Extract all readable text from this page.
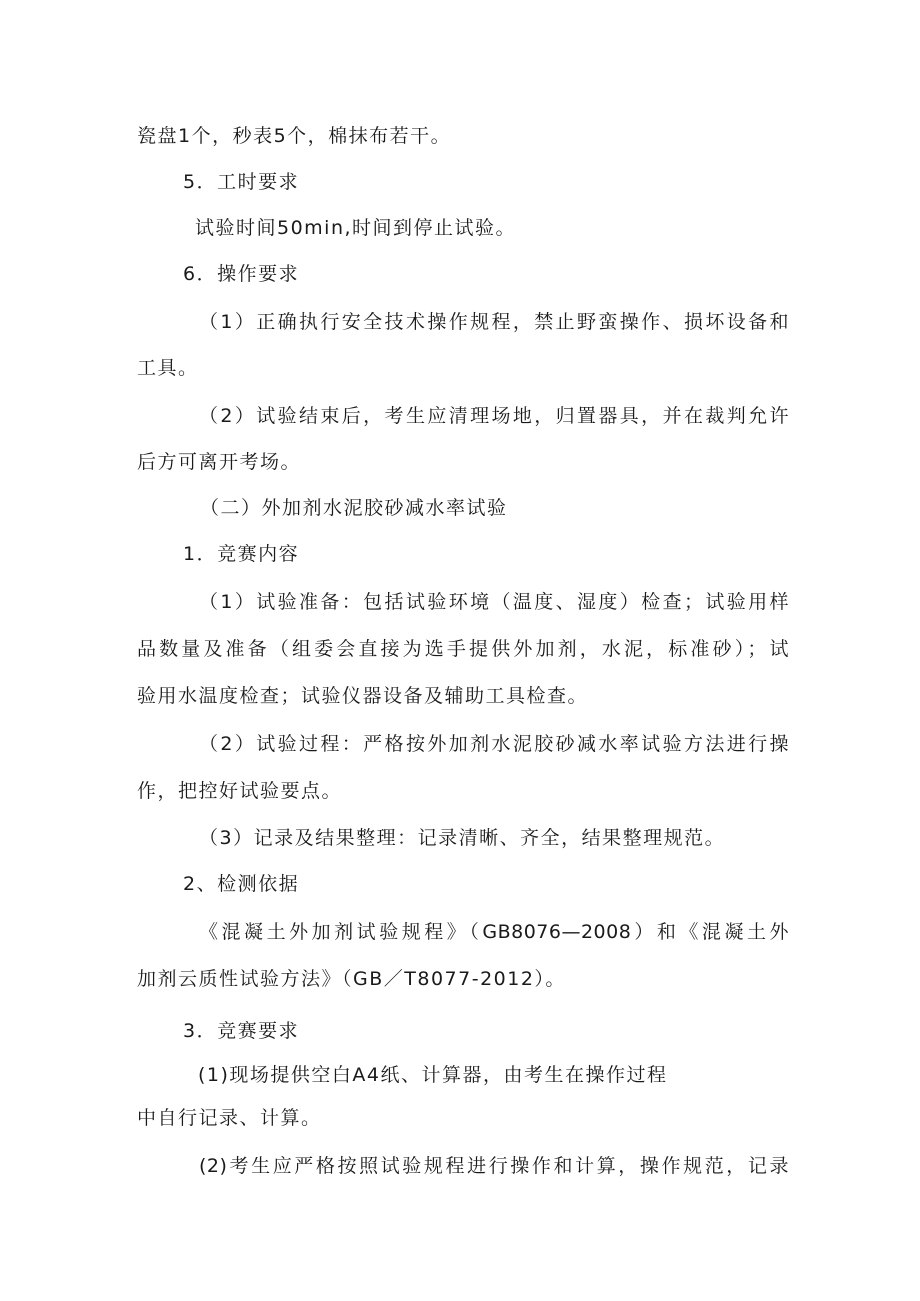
瓷盘1个，秒表5个，棉抹布若干。
5．工时要求
试验时间50min,时间到停止试验。
6．操作要求
（1）正确执行安全技术操作规程，禁止野蛮操作、损坏设备和
工具。
（2）试验结束后，考生应清理场地，归置器具，并在裁判允许
后方可离开考场。
（二）外加剂水泥胶砂减水率试验
1．竞赛内容
（1）试验准备：包括试验环境（温度、湿度）检查；试验用样
品数量及准备（组委会直接为选手提供外加剂，水泥，标准砂）；试
验用水温度检查；试验仪器设备及辅助工具检查。
（2）试验过程：严格按外加剂水泥胶砂减水率试验方法进行操
作，把控好试验要点。
（3）记录及结果整理：记录清晰、齐全，结果整理规范。
2、检测依据
《混凝土外加剂试验规程》（GB8076—2008）和《混凝土外
加剂云质性试验方法》（GB／T8077-2012）。
3．竞赛要求
(1)现场提供空白A4纸、计算器，由考生在操作过程
中自行记录、计算。
(2)考生应严格按照试验规程进行操作和计算，操作规范，记录
